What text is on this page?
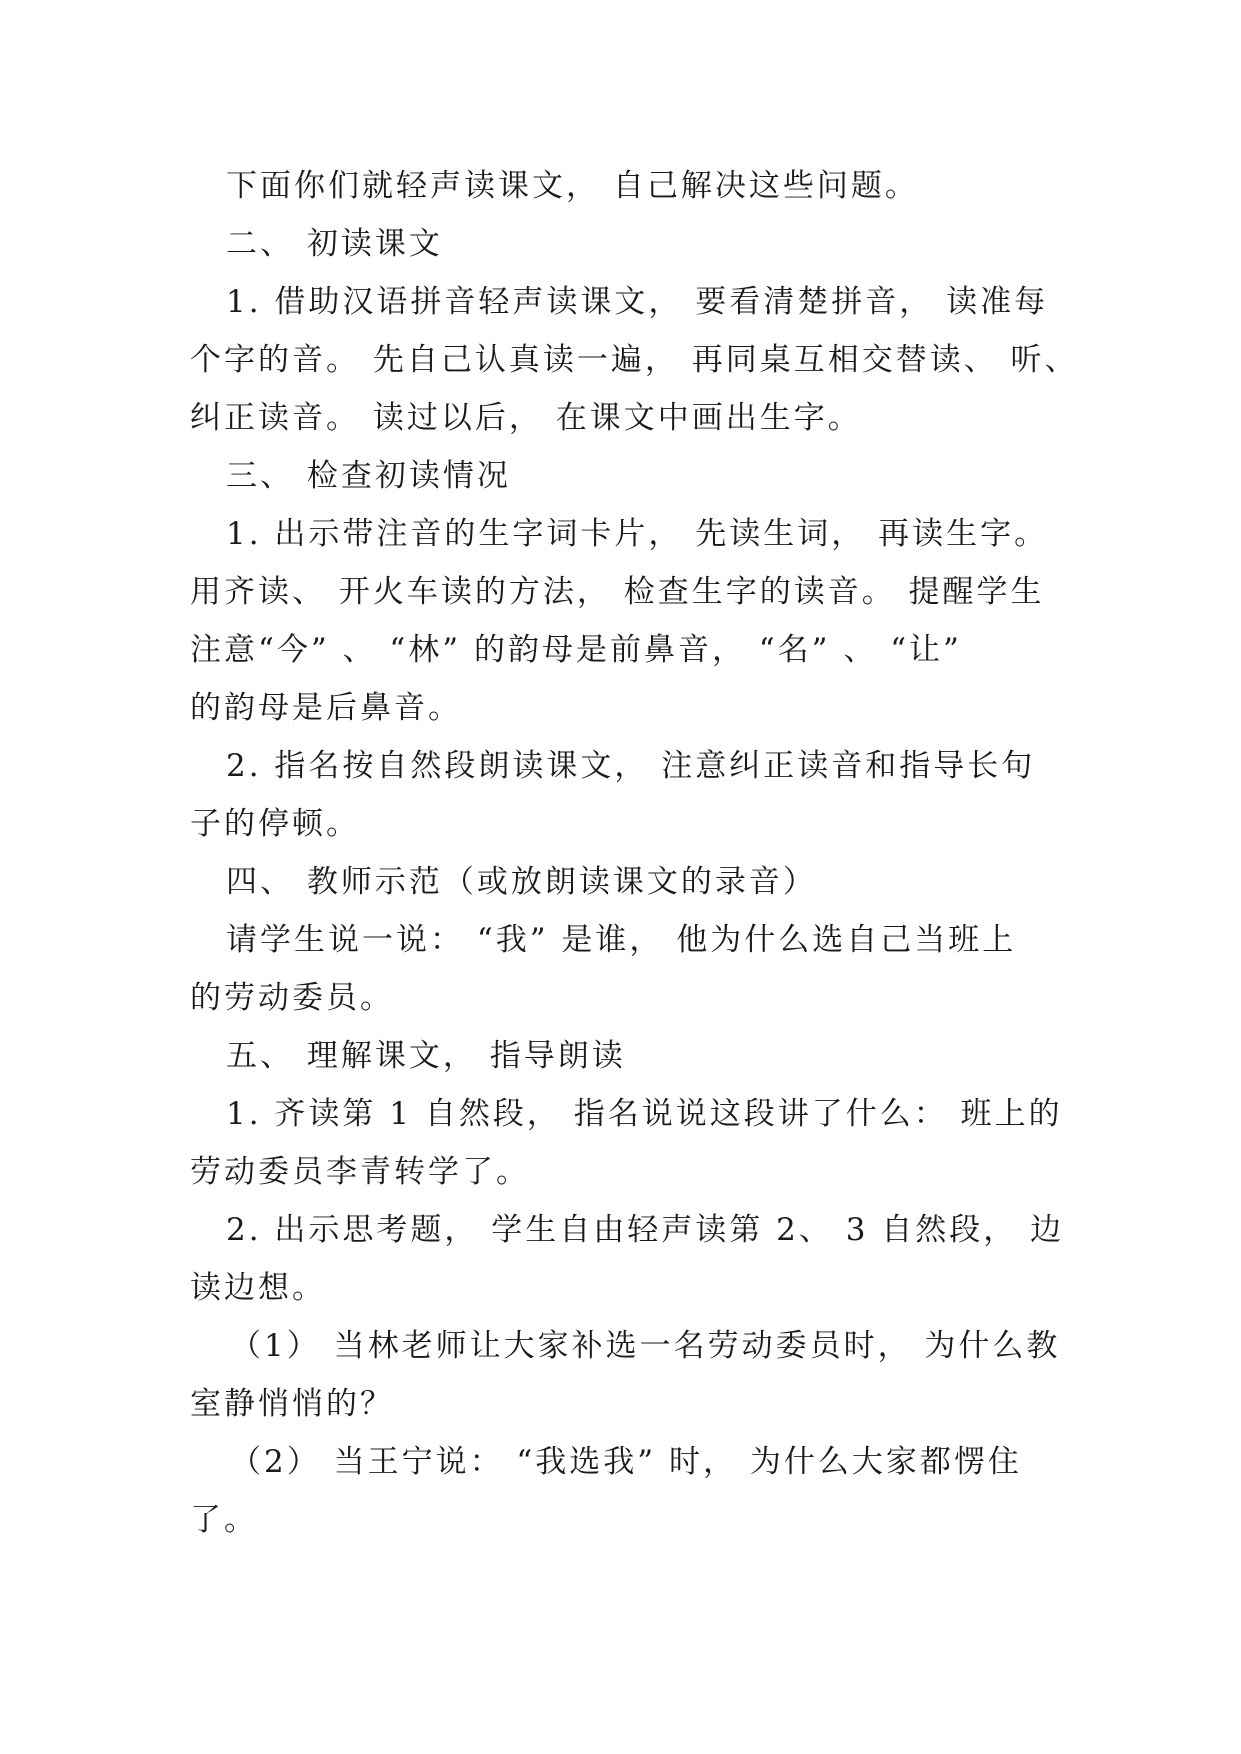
下面你们就轻声读课文， 自己解决这些问题。
二、 初读课文
1. 借助汉语拼音轻声读课文， 要看清楚拼音， 读准每
个字的音。 先自己认真读一遍， 再同桌互相交替读、 听、
纠正读音。 读过以后， 在课文中画出生字。
三、 检查初读情况
1. 出示带注音的生字词卡片， 先读生词， 再读生字。
用齐读、 开火车读的方法， 检查生字的读音。 提醒学生
注意“今” 、 “林” 的韵母是前鼻音， “名” 、 “让”
的韵母是后鼻音。
2. 指名按自然段朗读课文， 注意纠正读音和指导长句
子的停顿。
四、 教师示范（或放朗读课文的录音）
请学生说一说： “我” 是谁， 他为什么选自己当班上
的劳动委员。
五、 理解课文， 指导朗读
1. 齐读第 1 自然段， 指名说说这段讲了什么： 班上的
劳动委员李青转学了。
2. 出示思考题， 学生自由轻声读第 2、 3 自然段， 边
读边想。
（1） 当林老师让大家补选一名劳动委员时， 为什么教
室静悄悄的？
（2） 当王宁说： “我选我” 时， 为什么大家都愣住
了。
